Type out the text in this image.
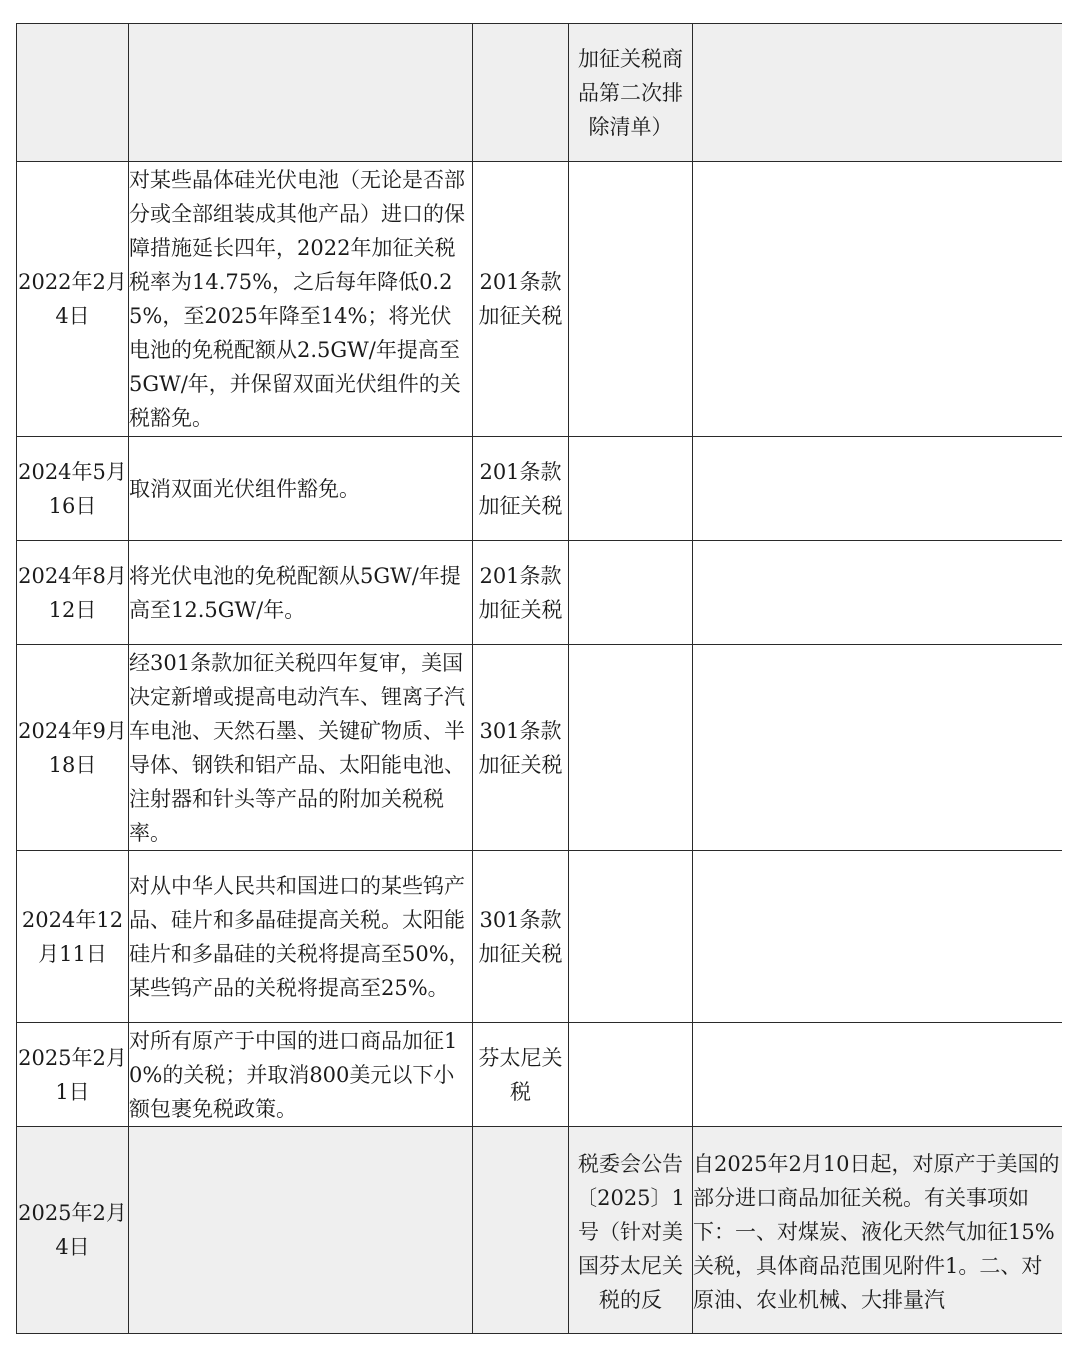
			加征关税商品第二次排除清单）	

2022年2月4日	对某些晶体硅光伏电池（无论是否部分或全部组装成其他产品）进口的保障措施延长四年，2022年加征关税税率为14.75%，之后每年降低0.25%，至2025年降至14%；将光伏电池的免税配额从2.5GW/年提高至5GW/年，并保留双面光伏组件的关税豁免。	201条款加征关税		

2024年5月16日	取消双面光伏组件豁免。	201条款加征关税		

2024年8月12日	将光伏电池的免税配额从5GW/年提高至12.5GW/年。	201条款加征关税		

2024年9月18日	经301条款加征关税四年复审，美国决定新增或提高电动汽车、锂离子汽车电池、天然石墨、关键矿物质、半导体、钢铁和铝产品、太阳能电池、注射器和针头等产品的附加关税税率。	301条款加征关税		

2024年12月11日	对从中华人民共和国进口的某些钨产品、硅片和多晶硅提高关税。太阳能硅片和多晶硅的关税将提高至50%，某些钨产品的关税将提高至25%。	301条款加征关税		

2025年2月1日	对所有原产于中国的进口商品加征10%的关税；并取消800美元以下小额包裹免税政策。	芬太尼关税		

2025年2月4日			税委会公告〔2025〕1号（针对美国芬太尼关税的反	自2025年2月10日起，对原产于美国的部分进口商品加征关税。有关事项如下：一、对煤炭、液化天然气加征15%关税，具体商品范围见附件1。二、对原油、农业机械、大排量汽
